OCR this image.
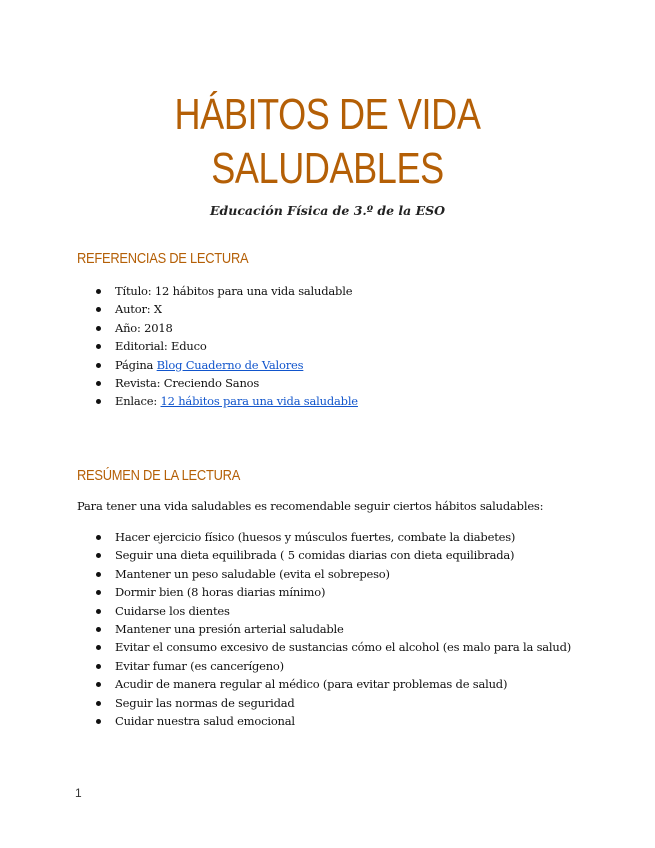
HÁBITOS DE VIDA
SALUDABLES

Educación Física de 3.º de la ESO

REFERENCIAS DE LECTURA
Título: 12 hábitos para una vida saludable
Autor: X
Año: 2018
Editorial: Educo
Página Blog Cuaderno de Valores
Revista: Creciendo Sanos
Enlace: 12 hábitos para una vida saludable
RESÚMEN DE LA LECTURA

Para tener una vida saludables es recomendable seguir ciertos hábitos saludables:

Hacer ejercicio físico (huesos y músculos fuertes, combate la diabetes)
Seguir una dieta equilibrada ( 5 comidas diarias con dieta equilibrada)
Mantener un peso saludable (evita el sobrepeso)
Dormir bien (8 horas diarias mínimo)
Cuidarse los dientes
Mantener una presión arterial saludable
Evitar el consumo excesivo de sustancias cómo el alcohol (es malo para la salud)
Evitar fumar (es cancerígeno)
Acudir de manera regular al médico (para evitar problemas de salud)
Seguir las normas de seguridad
Cuidar nuestra salud emocional
1
